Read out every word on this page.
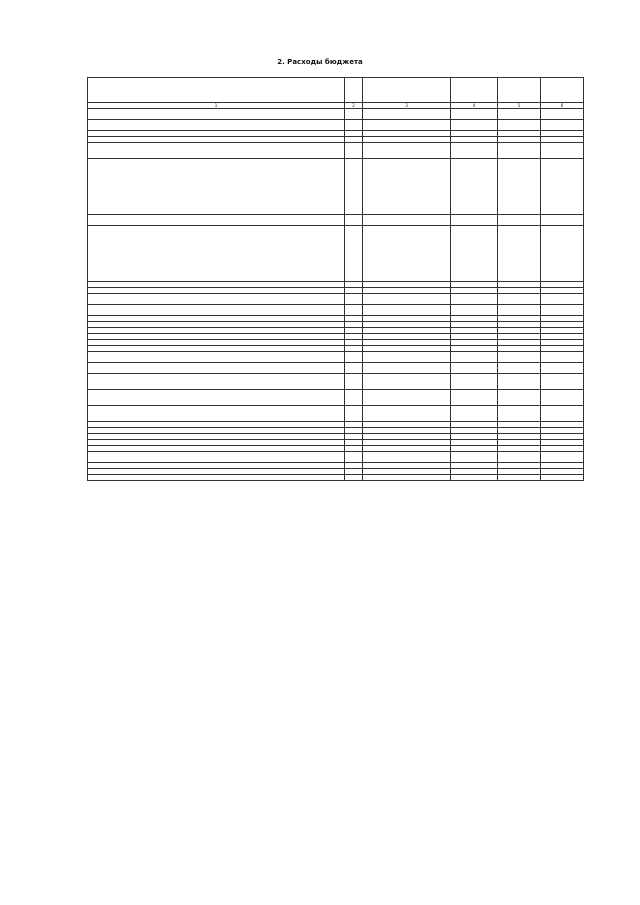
2. Расходы бюджета

1	2	3	4	5	6
